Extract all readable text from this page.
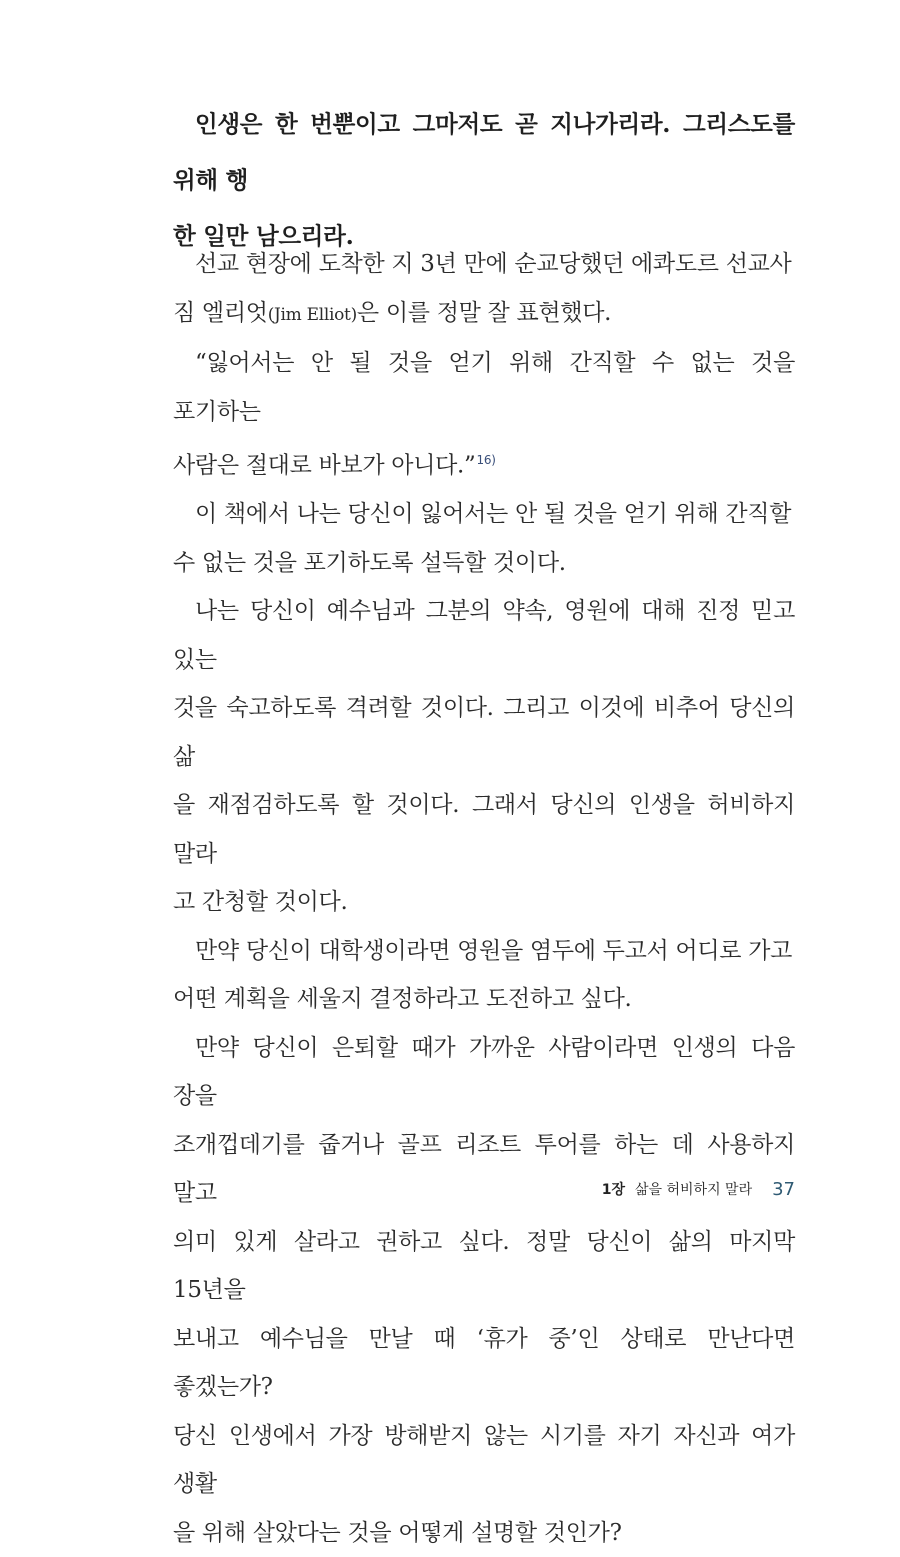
인생은 한 번뿐이고 그마저도 곧 지나가리라. 그리스도를 위해 행
한 일만 남으리라.

선교 현장에 도착한 지 3년 만에 순교당했던 에콰도르 선교사
짐 엘리엇(Jim Elliot)은 이를 정말 잘 표현했다.

“잃어서는 안 될 것을 얻기 위해 간직할 수 없는 것을 포기하는
사람은 절대로 바보가 아니다.”$^{16)}$

이 책에서 나는 당신이 잃어서는 안 될 것을 얻기 위해 간직할
수 없는 것을 포기하도록 설득할 것이다.

나는 당신이 예수님과 그분의 약속, 영원에 대해 진정 믿고 있는
것을 숙고하도록 격려할 것이다. 그리고 이것에 비추어 당신의 삶
을 재점검하도록 할 것이다. 그래서 당신의 인생을 허비하지 말라
고 간청할 것이다.

만약 당신이 대학생이라면 영원을 염두에 두고서 어디로 가고
어떤 계획을 세울지 결정하라고 도전하고 싶다.

만약 당신이 은퇴할 때가 가까운 사람이라면 인생의 다음 장을
조개껍데기를 줍거나 골프 리조트 투어를 하는 데 사용하지 말고
의미 있게 살라고 권하고 싶다. 정말 당신이 삶의 마지막 15년을
보내고 예수님을 만날 때 ‘휴가 중’인 상태로 만난다면 좋겠는가?
당신 인생에서 가장 방해받지 않는 시기를 자기 자신과 여가 생활
을 위해 살았다는 것을 어떻게 설명할 것인가?

1장 삶을 허비하지 말라 37
